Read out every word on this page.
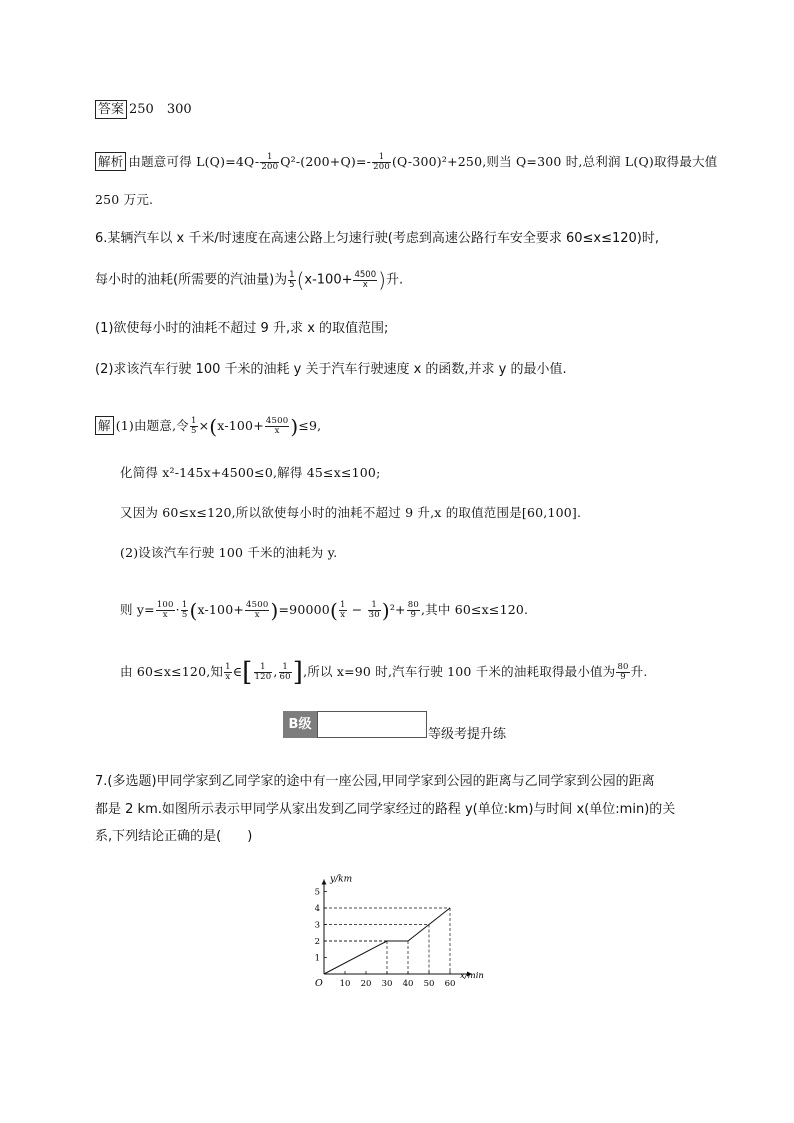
答案 250　300
解析 由题意可得 $L(Q)=4Q- \frac{1}{200} Q^2-(200+Q)=- \frac{1}{200} (Q-300)^2+250$,则当 Q=300 时,总利润 L(Q)取得最大值
250 万元.
6.某辆汽车以 x 千米/时速度在高速公路上匀速行驶(考虑到高速公路行车安全要求 60≤x≤120)时,
每小时的油耗(所需要的汽油量)为 $\frac{1}{5} (x-100+ \frac{4500}{x}$ )升.
(1)欲使每小时的油耗不超过 9 升,求 x 的取值范围;
(2)求该汽车行驶 100 千米的油耗 y 关于汽车行驶速度 x 的函数,并求 y 的最小值.
解 (1)由题意,令 $\frac{1}{5} \times(x-100+ \frac{4500}{x} )\le 9$,
化简得 x²-145x+4500≤0,解得 45≤x≤100;
又因为 60≤x≤120,所以欲使每小时的油耗不超过 9 升,x 的取值范围是[60,100].
(2)设该汽车行驶 100 千米的油耗为 y.
则 $y= \frac{100}{x} \cdot \frac{1}{5} (x-100+ \frac{4500}{x} )=90000( \frac{1}{x} - \frac{1}{30} )^2+ \frac{80}{9}$ ,其中 60≤x≤120.
由 60≤x≤120,知 $\frac{1}{x}$ ∈[ $\frac{1}{120}$ , $\frac{1}{60}$ ],所以 x=90 时,汽车行驶 100 千米的油耗取得最小值为 $\frac{80}{9}$ 升.
B级
等级考提升练
7.(多选题)甲同学家到乙同学家的途中有一座公园,甲同学家到公园的距离与乙同学家到公园的距离
都是 2 km.如图所示表示甲同学从家出发到乙同学家经过的路程 y(单位:km)与时间 x(单位:min)的关
系,下列结论正确的是(　　)
10 20 30 40 50 60
1
2
3
4
5
y/km
x/min
O
